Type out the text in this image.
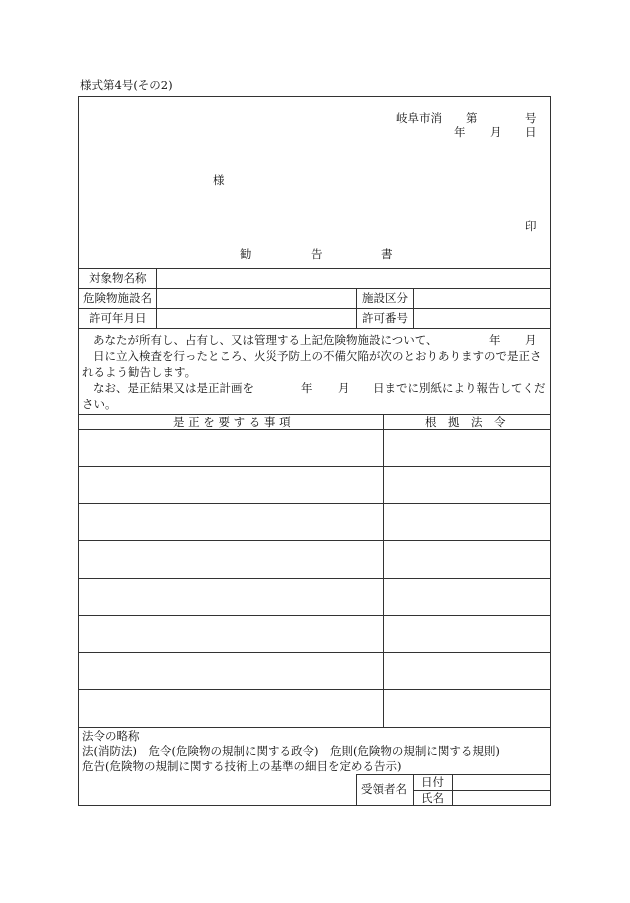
様式第4号(その2)
岐阜市消 第	号
年 月 日
様
印
勧	告	書
対象物名称
危険物施設名	施設区分
許可年月日	許可番号
あなたが所有し、占有し、又は管理する上記危険物施設について、	年 月
日に立入検査を行ったところ、火災予防上の不備欠陥が次のとおりありますので是正さ
れるよう勧告します。
なお、是正結果又は是正計画を	年 月 日までに別紙により報告してくだ
さい。
是 正 を 要 す る 事 項	根　拠　法　令
法令の略称
法(消防法)　危令(危険物の規制に関する政令)　危則(危険物の規制に関する規則)
危告(危険物の規制に関する技術上の基準の細目を定める告示)
受領者名 日付
氏名
